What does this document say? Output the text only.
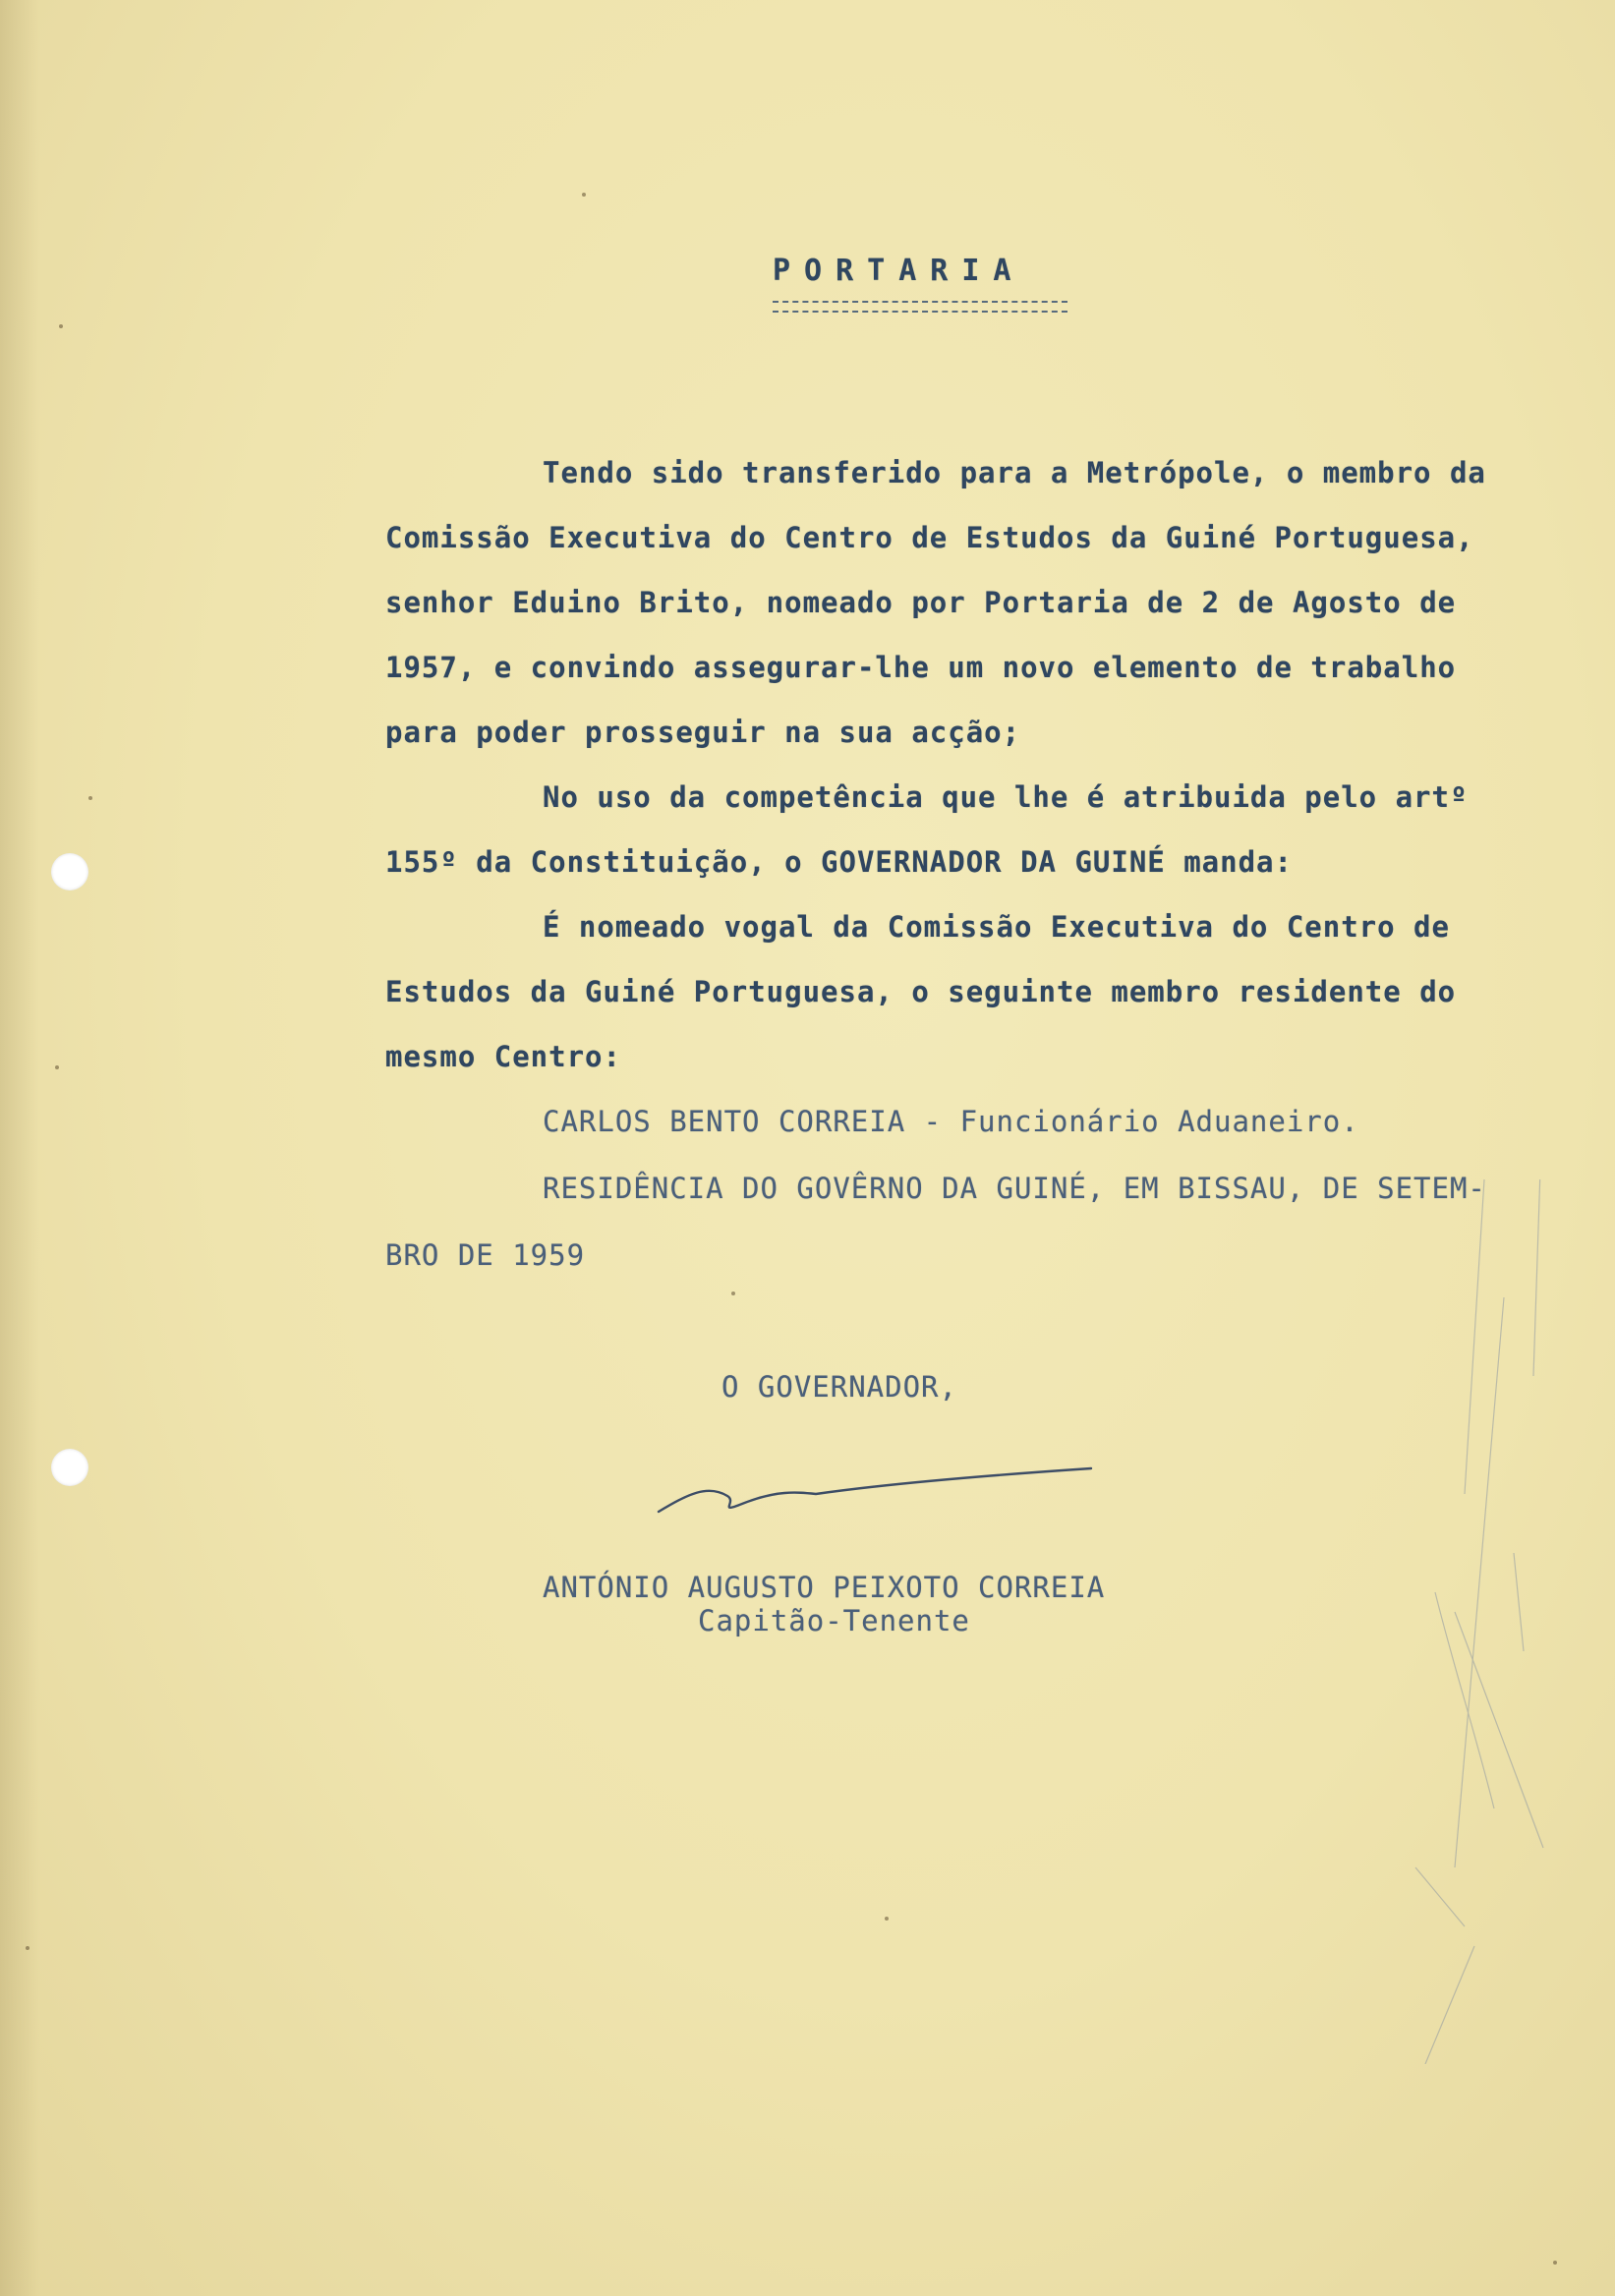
PORTARIA
Tendo sido transferido para a Metrópole, o membro da
Comissão Executiva do Centro de Estudos da Guiné Portuguesa,
senhor Eduino Brito, nomeado por Portaria de 2 de Agosto de
1957, e convindo assegurar-lhe um novo elemento de trabalho
para poder prosseguir na sua acção;
No uso da competência que lhe é atribuida pelo artº
155º da Constituição, o GOVERNADOR DA GUINÉ manda:
É nomeado vogal da Comissão Executiva do Centro de
Estudos da Guiné Portuguesa, o seguinte membro residente do
mesmo Centro:
CARLOS BENTO CORREIA - Funcionário Aduaneiro.
RESIDÊNCIA DO GOVÊRNO DA GUINÉ, EM BISSAU, DE SETEM-
BRO DE 1959
O GOVERNADOR,
ANTÓNIO AUGUSTO PEIXOTO CORREIA
Capitão-Tenente
